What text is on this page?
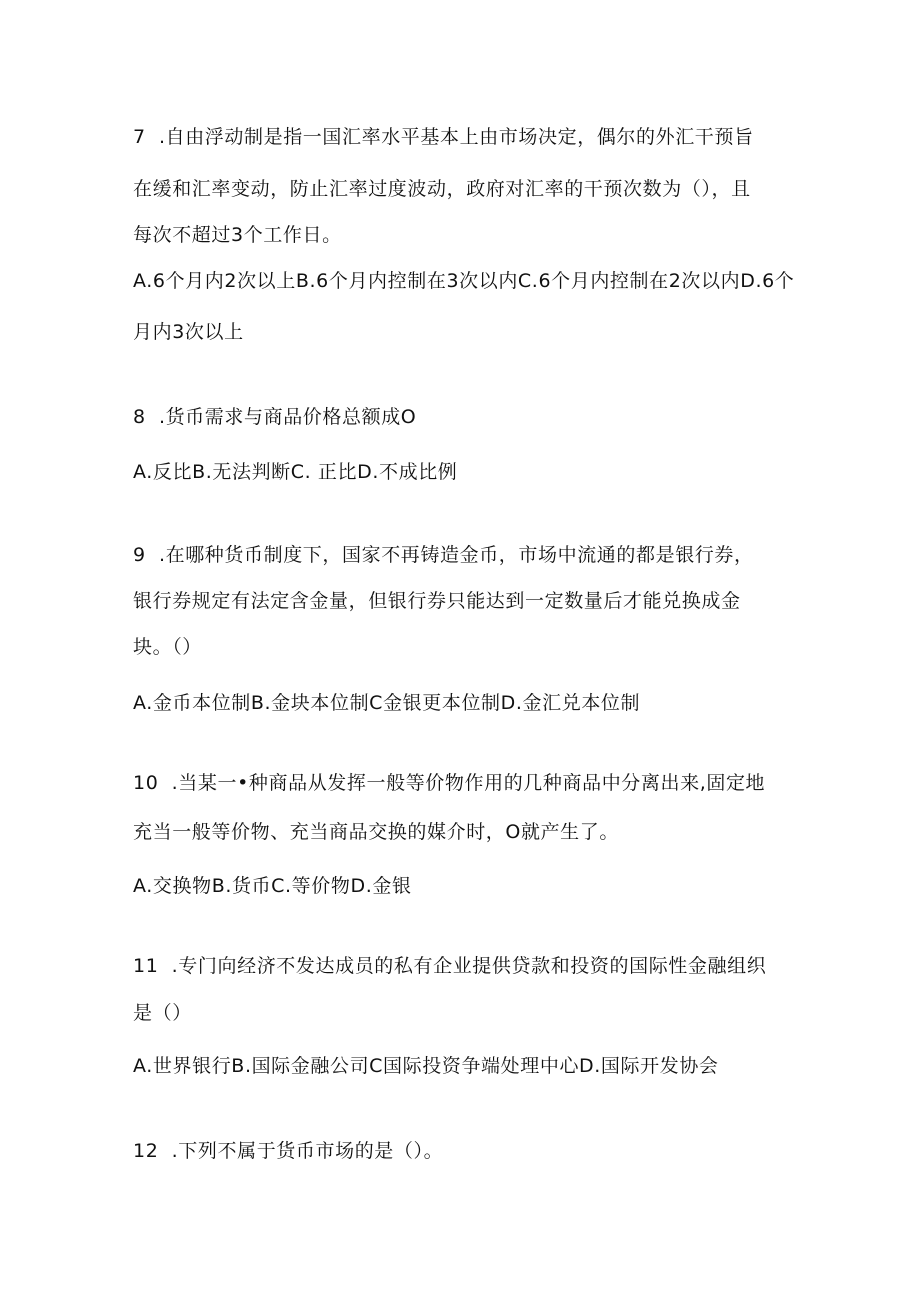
7  .自由浮动制是指一国汇率水平基本上由市场决定，偶尔的外汇干预旨
在缓和汇率变动，防止汇率过度波动，政府对汇率的干预次数为（），且
每次不超过3个工作日。
A.6个月内2次以上B.6个月内控制在3次以内C.6个月内控制在2次以内D.6个
月内3次以上
8  .货币需求与商品价格总额成O
A.反比B.无法判断C. 正比D.不成比例
9  .在哪种货币制度下，国家不再铸造金币，市场中流通的都是银行券，
银行券规定有法定含金量，但银行券只能达到一定数量后才能兑换成金
块。（）
A.金币本位制B.金块本位制C金银更本位制D.金汇兑本位制
10  .当某一•种商品从发挥一般等价物作用的几种商品中分离出来,固定地
充当一般等价物、充当商品交换的媒介时，O就产生了。
A.交换物B.货币C.等价物D.金银
11  .专门向经济不发达成员的私有企业提供贷款和投资的国际性金融组织
是（）
A.世界银行B.国际金融公司C国际投资争端处理中心D.国际开发协会
12  .下列不属于货币市场的是（）。
